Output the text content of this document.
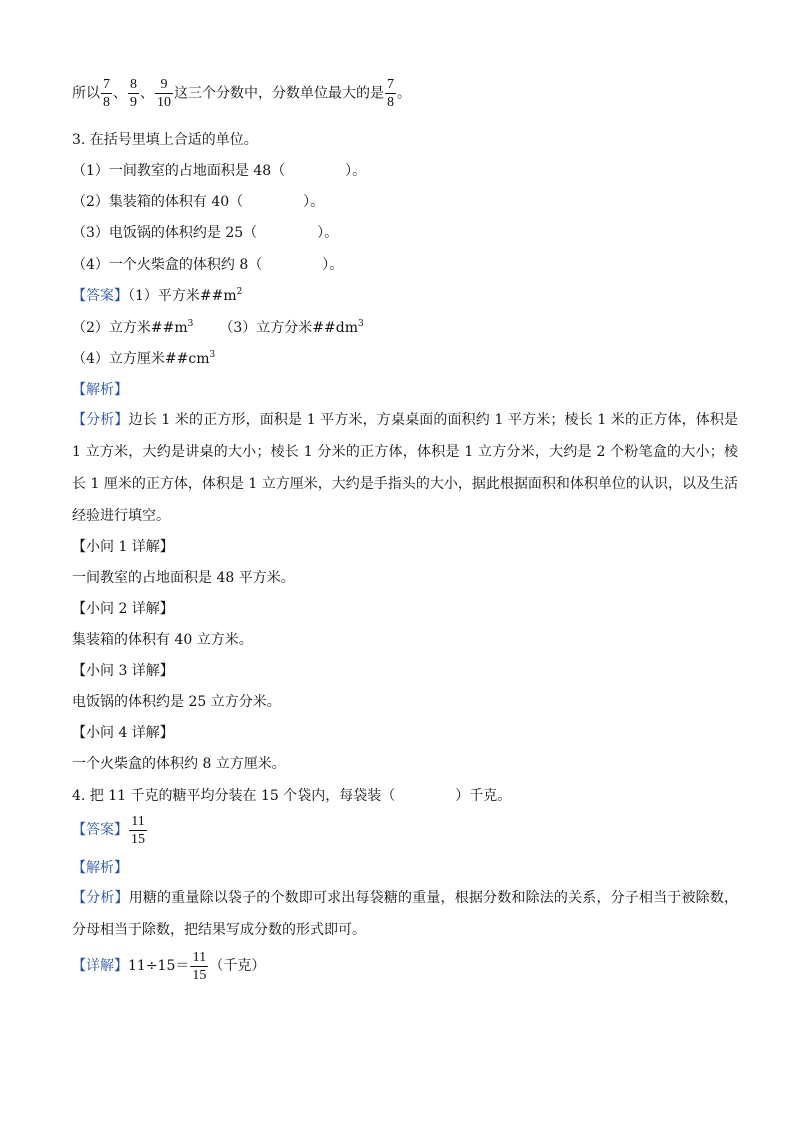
所以 $\frac{7}{8}$ 、 $\frac{8}{9}$ 、 $\frac{9}{10}$ 这三个分数中，分数单位最大的是 $\frac{7}{8}$ 。
3. 在括号里填上合适的单位。
（1）一间教室的占地面积是 48（	）。
（2）集装箱的体积有 40（	）。
（3）电饭锅的体积约是 25（	）。
（4）一个火柴盒的体积约 8（	）。
【答案】（1）平方米$\#\#m^2$
（2）立方米$\#\#m^3$ （3）立方分米$\#\#dm^3$
（4）立方厘米$\#\#cm^3$
【解析】
【分析】边长 1 米的正方形，面积是 1 平方米，方桌桌面的面积约 1 平方米；棱长 1 米的正方体，体积是 1 立方米，大约是讲桌的大小；棱长 1 分米的正方体，体积是 1 立方分米，大约是 2 个粉笔盒的大小；棱长 1 厘米的正方体，体积是 1 立方厘米，大约是手指头的大小，据此根据面积和体积单位的认识，以及生活经验进行填空。
【小问 1 详解】
一间教室的占地面积是 48 平方米。
【小问 2 详解】
集装箱的体积有 40 立方米。
【小问 3 详解】
电饭锅的体积约是 25 立方分米。
【小问 4 详解】
一个火柴盒的体积约 8 立方厘米。
4. 把 11 千克的糖平均分装在 15 个袋内，每袋装（	）千克。
【答案】 $\frac{11}{15}$
【解析】
【分析】用糖的重量除以袋子的个数即可求出每袋糖的重量，根据分数和除法的关系，分子相当于被除数，分母相当于除数，把结果写成分数的形式即可。
【详解】$11\div 15= \frac{11}{15}$ （千克）
